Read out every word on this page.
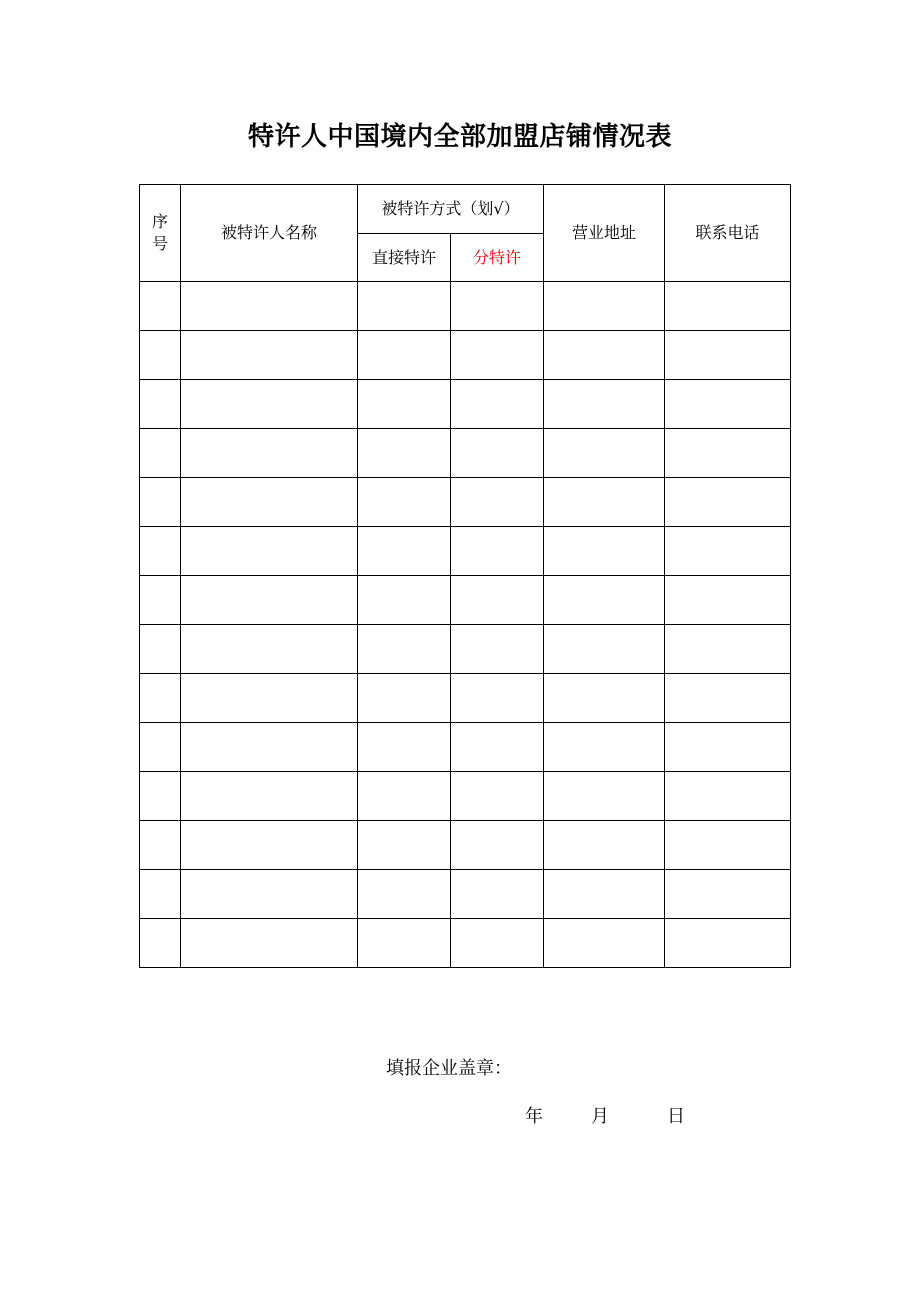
特许人中国境内全部加盟店铺情况表
序
号	被特许人名称	被特许方式（划√）		营业地址	联系电话
		直接特许	分特许		

填报企业盖章：
年	月	日
